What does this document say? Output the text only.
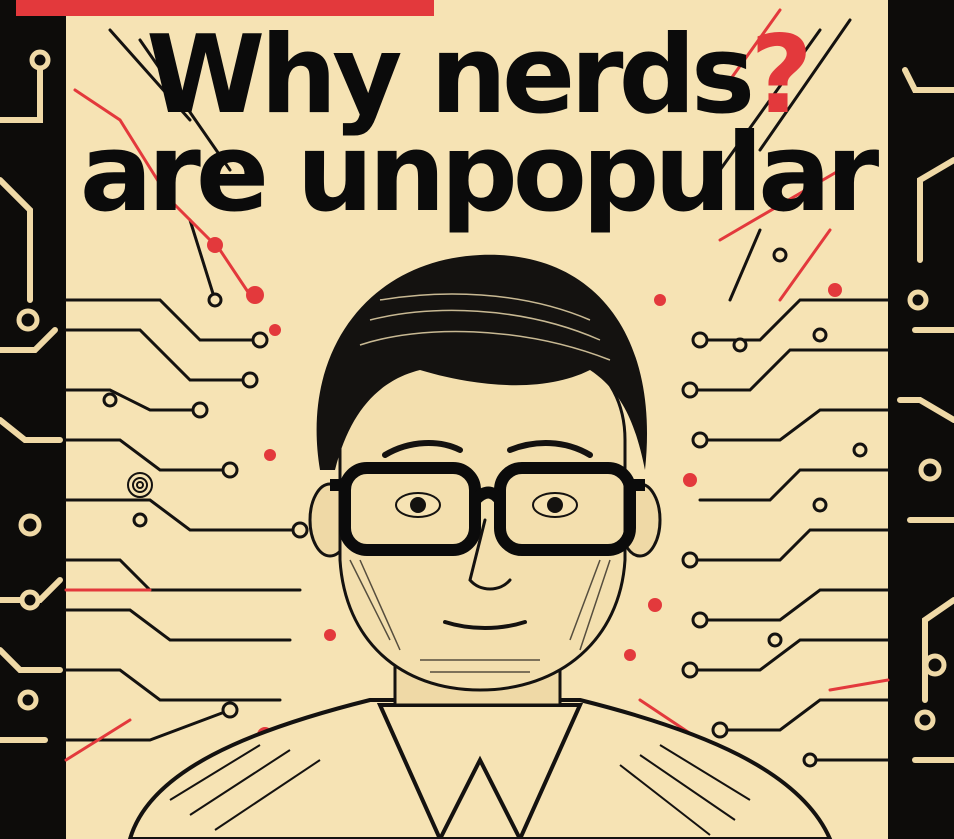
Why nerds?
are unpopular
